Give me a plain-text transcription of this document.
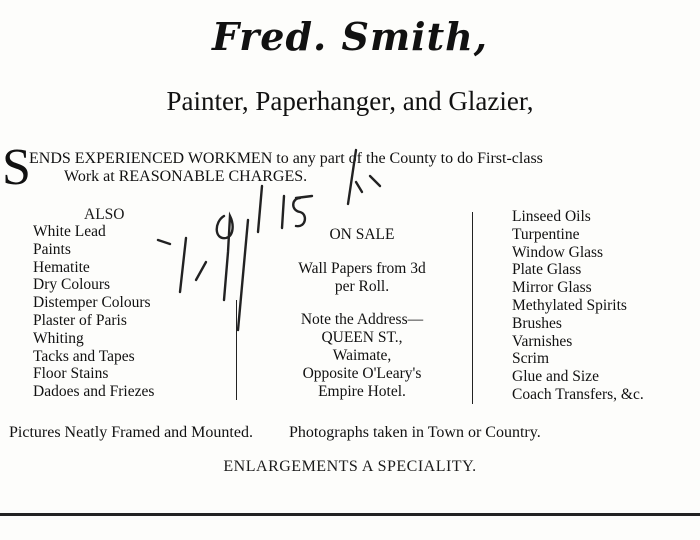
Fred. Smith,
Painter, Paperhanger, and Glazier,
S
ENDS EXPERIENCED WORKMEN to any part of the County to do First-class
Work at REASONABLE CHARGES.
ALSO
White Lead
Paints
Hematite
Dry Colours
Distemper Colours
Plaster of Paris
Whiting
Tacks and Tapes
Floor Stains
Dadoes and Friezes
ON SALE
Wall Papers from 3d
per Roll.
Note the Address—
QUEEN ST.,
Waimate,
Opposite O'Leary's
Empire Hotel.
Linseed Oils
Turpentine
Window Glass
Plate Glass
Mirror Glass
Methylated Spirits
Brushes
Varnishes
Scrim
Glue and Size
Coach Transfers, &c.
Pictures Neatly Framed and Mounted. Photographs taken in Town or Country.
ENLARGEMENTS A SPECIALITY.
